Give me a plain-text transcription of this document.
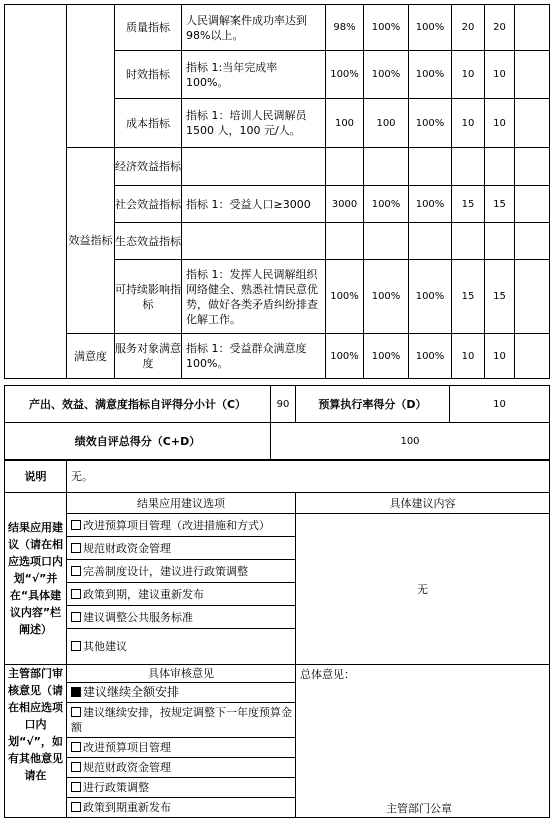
		质量指标	人民调解案件成功率达到98%以上。	98%	100%	100%	20	20	
		时效指标	指标 1:当年完成率 100%。	100%	100%	100%	10	10	
		成本指标	指标 1：培训人民调解员1500 人，100 元/人。	100	100	100%	10	10	
	效益指标	经济效益指标							
		社会效益指标	指标 1：受益人口≥3000	3000	100%	100%	15	15	
		生态效益指标							
		可持续影响指标	指标 1：发挥人民调解组织网络健全、熟悉社情民意优势，做好各类矛盾纠纷排查化解工作。	100%	100%	100%	15	15	
	满意度	服务对象满意度	指标 1：受益群众满意度 100%。	100%	100%	100%	10	10	
产出、效益、满意度指标自评得分小计（C）	90	预算执行率得分（D）	10
绩效自评总得分（C+D）	100		
说明	无。	
结果应用建议（请在相应选项口内划“√”并在“具体建议内容”栏阐述）	结果应用建议选项	具体建议内容
	改进预算项目管理（改进措施和方式）	无
	规范财政资金管理	
	完善制度设计，建议进行政策调整	
	政策到期，建议重新发布	
	建议调整公共服务标准	
	其他建议	
主管部门审核意见（请在相应选项口内划“√”，如有其他意见请在	具体审核意见	总体意见：
主管部门公章

	建议继续全额安排	
	建议继续安排，按规定调整下一年度预算金额	
	改进预算项目管理	
	规范财政资金管理	
	进行政策调整	
	政策到期重新发布	
